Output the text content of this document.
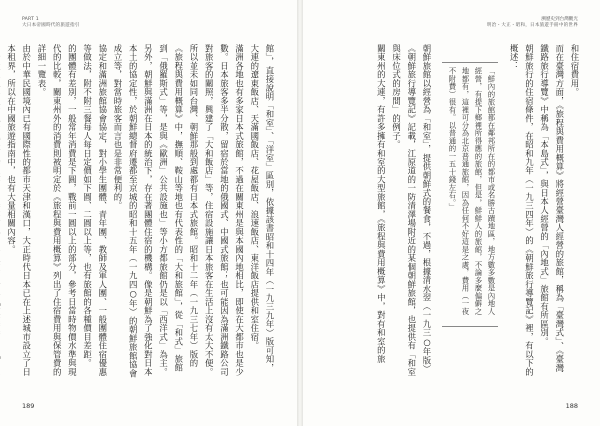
PART 1
大日本帝國時代的旅遊指引

館」，直接說明「和室」、「洋室」區別，依據該書昭和十四年（一九三九年）版可知，大連的遼東飯店、天滿國飯店、花屋飯店、浪速飯店、東洋飯店提供和室住宿。

滿洲各地也有多家日本式旅館，不過在關東州是與本國內地相比，即使在大都市也是少數。日本旅客多半分散，留宿於當地的俄國式、中國式旅館；也可能因為滿洲鐵路公司對旅客的關照，興建了「大和飯店」等，住宿設施讓日本旅客在生活上沒有太大不便。所以並未如同台灣、朝鮮那般到處都有日本式旅館。昭和十二年（一九三七年）版的《旅程與費用概算》中，撫順、鞍山等地也有代表性的「大和旅館」，從「和式」旅館到「俄羅斯式」等，是與《歐洲」公共設施也」等小方都旅館仍是以「西洋式」為主。

另外，朝鮮與滿洲在日本的統治下，存在著團體住宿的機構。像是朝鮮為了強化對日本本土的協定性，於朝鮮總督府遷都至京城的昭和十五年（一九四○年）的朝鮮旅館協會成立等，對當時旅客而言也是非常便利的。

協定和滿洲旅館協會協定，對小學生團體、青年團、教師及軍人團、一般團體住宿優惠等做法，附不附三餐每人每日定價如下圓、二圓以上等，也有旅館的各種價目差距。

的團體有差別，一般常年消費是下圓，戰前一圓以上的部分，參考日當時物價水準與現代的比較，關東州外的消費則被明定於《旅程與費用概算》列出了住宿費用與保管費的詳細一覽表。

由於中華民國境內已有國際性的都市天津和漢口，大正時代日本已在上述城市設立了日本租界，所以在中國旅遊指南中，也有大量相關內容。

189
溯歷史到台灣觀光
明治・大正・昭和，日本旅遊手冊中的世界

和住宿費用。

而在臺灣方面，《旅程與費用概算》將經營臺灣人經營的旅館，稱為「臺灣式」、《臺灣鐵路旅行導覽》中稱為「本島式」，與日本人經營的「內地式」旅館有所區別。

朝鮮旅行的住宿條件，在昭和九年（一九三四年）的《朝鮮旅行導覽記》裡，有以下的概述：

「鮮內的旅館都在鄰邦所在的都市或名勝古蹟地區，地方數多數是內地人經營，有提下鄉裡所得應的旅館，但是，鮮鮮人的旅館，不論多麼偏僻之地都有，這裡可分為北京普通旅館，因為任何不好這是之處，費用（一夜不附費）很有。以普通的一五十錢左右。」

朝鮮旅館以經營為「和室」，提供朝鮮式的餐食，不過，根據清水翌（一九三○年版）《朝鮮旅行導覽記》記載，江原道的一防清澤場附近的某個朝鮮旅館，也提供有「和室與床位式的房間」的例子。

關東州的大連，有許多擁有和室的大型旅館，《旅程與費用概算》中，對有和室的旅

188
